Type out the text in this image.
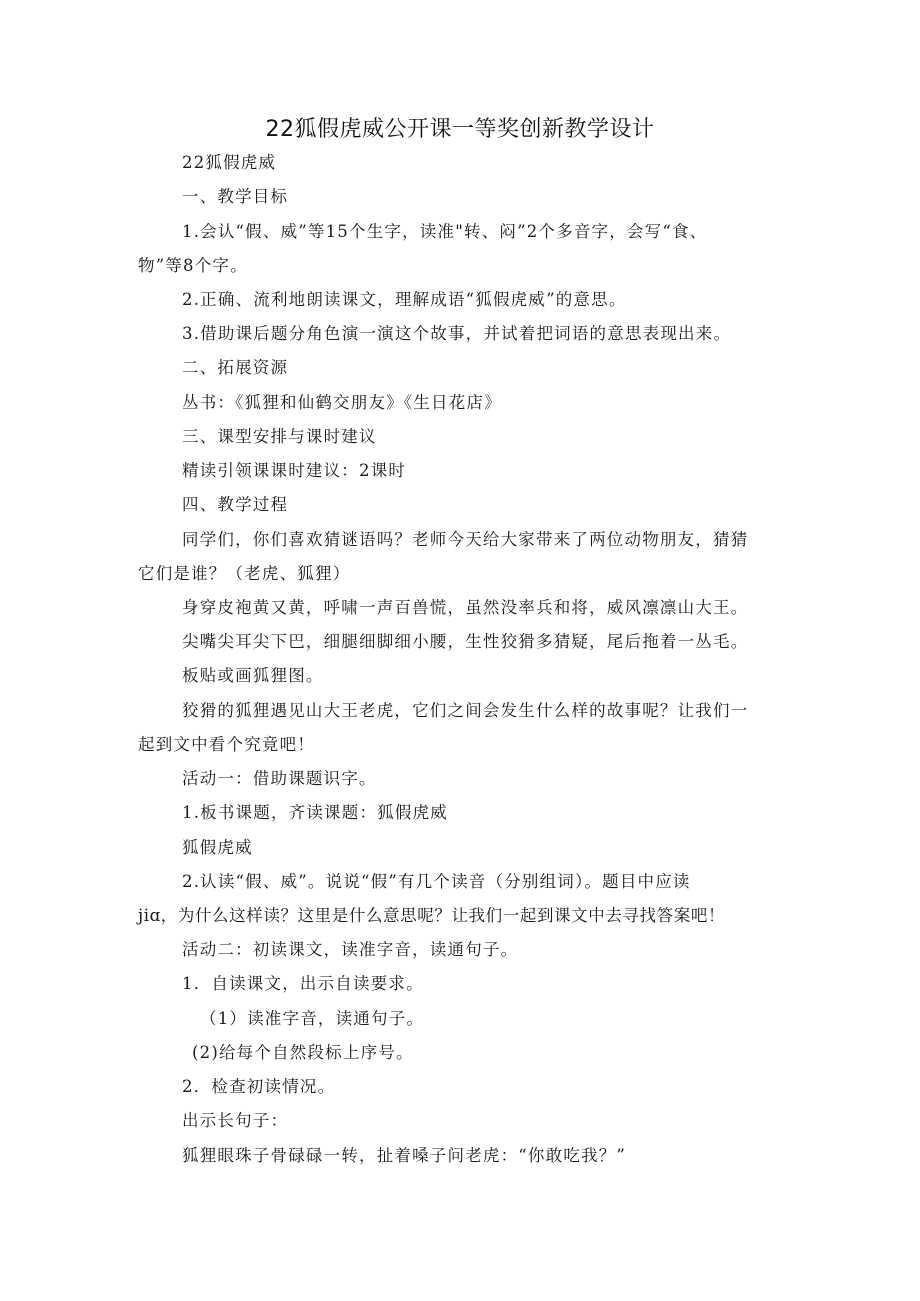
22狐假虎威公开课一等奖创新教学设计
22狐假虎威
一、教学目标
1.会认“假、威”等15个生字，读准"转、闷”2个多音字，会写“食、
物”等8个字。
2.正确、流利地朗读课文，理解成语“狐假虎威”的意思。
3.借助课后题分角色演一演这个故事，并试着把词语的意思表现出来。
二、拓展资源
丛书：《狐狸和仙鹤交朋友》《生日花店》
三、课型安排与课时建议
精读引领课课时建议：2课时
四、教学过程
同学们，你们喜欢猜谜语吗？老师今天给大家带来了两位动物朋友，猜猜
它们是谁？（老虎、狐狸）
身穿皮袍黄又黄，呼啸一声百兽慌，虽然没率兵和将，威风凛凛山大王。
尖嘴尖耳尖下巴，细腿细脚细小腰，生性狡猾多猜疑，尾后拖着一丛毛。
板贴或画狐狸图。
狡猾的狐狸遇见山大王老虎，它们之间会发生什么样的故事呢？让我们一
起到文中看个究竟吧！
活动一：借助课题识字。
1.板书课题，齐读课题：狐假虎威
狐假虎威
2.认读“假、威”。说说“假”有几个读音（分别组词）。题目中应读
jiɑ，为什么这样读？这里是什么意思呢？让我们一起到课文中去寻找答案吧！
活动二：初读课文，读准字音，读通句子。
1．自读课文，出示自读要求。
（1）读准字音，读通句子。
(2)给每个自然段标上序号。
2．检查初读情况。
出示长句子：
狐狸眼珠子骨碌碌一转，扯着嗓子问老虎：“你敢吃我？”
